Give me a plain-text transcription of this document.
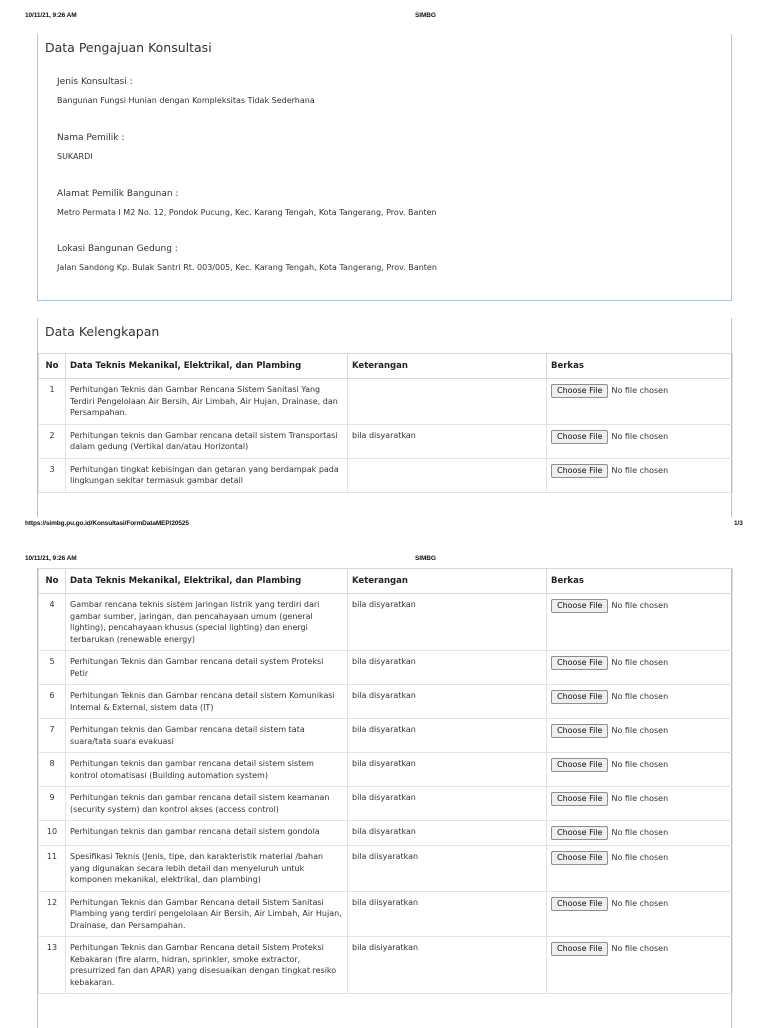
10/11/21, 9:26 AM	SIMBG
Data Pengajuan Konsultasi
Jenis Konsultasi :
Bangunan Fungsi Hunian dengan Kompleksitas Tidak Sederhana
Nama Pemilik :
SUKARDI
Alamat Pemilik Bangunan :
Metro Permata I M2 No. 12, Pondok Pucung, Kec. Karang Tengah, Kota Tangerang, Prov. Banten
Lokasi Bangunan Gedung :
Jalan Sandong Kp. Bulak Santri Rt. 003/005, Kec. Karang Tengah, Kota Tangerang, Prov. Banten
Data Kelengkapan
No	Data Teknis Mekanikal, Elektrikal, dan Plambing	Keterangan	Berkas
1	Perhitungan Teknis dan Gambar Rencana Sistem Sanitasi Yang Terdiri Pengelolaan Air Bersih, Air Limbah, Air Hujan, Drainase, dan Persampahan.		Choose File No file chosen

2	Perhitungan teknis dan Gambar rencana detail sistem Transportasi dalam gedung (Vertikal dan/atau Horizontal)	bila disyaratkan	Choose File No file chosen

3	Perhitungan tingkat kebisingan dan getaran yang berdampak pada lingkungan sekitar termasuk gambar detail		Choose File No file chosen
https://simbg.pu.go.id/Konsultasi/FormDataMEP/20525	1/3
10/11/21, 9:26 AM	SIMBG
No	Data Teknis Mekanikal, Elektrikal, dan Plambing	Keterangan	Berkas
4	Gambar rencana teknis sistem jaringan listrik yang terdiri dari gambar sumber, jaringan, dan pencahayaan umum (general lighting), pencahayaan khusus (special lighting) dan energi terbarukan (renewable energy)	bila disyaratkan	Choose File No file chosen

5	Perhitungan Teknis dan Gambar rencana detail system Proteksi Petir	bila disyaratkan	Choose File No file chosen

6	Perhitungan Teknis dan Gambar rencana detail sistem Komunikasi Internal & External, sistem data (IT)	bila disyaratkan	Choose File No file chosen

7	Perhitungan teknis dan Gambar rencana detail sistem tata suara/tata suara evakuasi	bila disyaratkan	Choose File No file chosen

8	Perhitungan teknis dan gambar rencana detail sistem sistem kontrol otomatisasi (Building automation system)	bila disyaratkan	Choose File No file chosen

9	Perhitungan teknis dan gambar rencana detail sistem keamanan (security system) dan kontrol akses (access control)	bila disyaratkan	Choose File No file chosen

10	Perhitungan teknis dan gambar rencana detail sistem gondola	bila disyaratkan	Choose File No file chosen

11	Spesifikasi Teknis (Jenis, tipe, dan karakteristik material /bahan yang digunakan secara lebih detail dan menyeluruh untuk komponen mekanikal, elektrikal, dan plambing)	bila diisyaratkan	Choose File No file chosen

12	Perhitungan Teknis dan Gambar Rencana detail Sistem Sanitasi Plambing yang terdiri pengelolaan Air Bersih, Air Limbah, Air Hujan, Drainase, dan Persampahan.	bila diisyaratkan	Choose File No file chosen

13	Perhitungan Teknis dan Gambar Rencana detail Sistem Proteksi Kebakaran (fire alarm, hidran, sprinkler, smoke extractor, presurrized fan dan APAR) yang disesuaikan dengan tingkat resiko kebakaran.	bila disiyaratkan	Choose File No file chosen
